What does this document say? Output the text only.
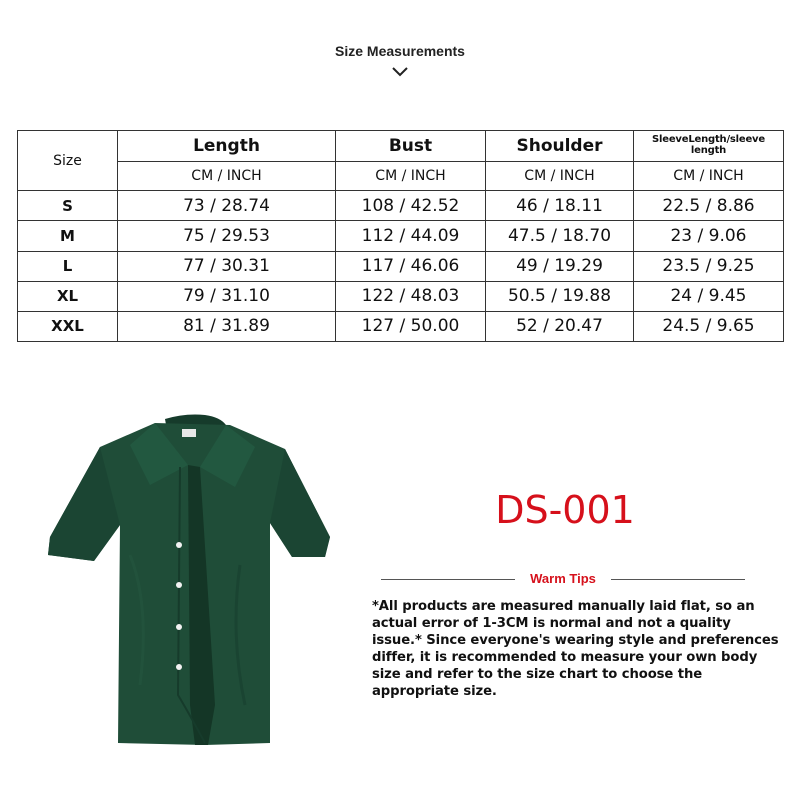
Size Measurements
Size	Length	Bust	Shoulder	SleeveLength/sleeve length
	CM / INCH	CM / INCH	CM / INCH	CM / INCH
S	73 / 28.74	108 / 42.52	46 / 18.11	22.5 / 8.86
M	75 / 29.53	112 / 44.09	47.5 / 18.70	23 / 9.06
L	77 / 30.31	117 / 46.06	49 / 19.29	23.5 / 9.25
XL	79 / 31.10	122 / 48.03	50.5 / 19.88	24 / 9.45
XXL	81 / 31.89	127 / 50.00	52 / 20.47	24.5 / 9.65
DS-001
Warm Tips
*All products are measured manually laid flat, so an actual error of 1-3CM is normal and not a quality issue.* Since everyone's wearing style and preferences differ, it is recommended to measure your own body size and refer to the size chart to choose the appropriate size.
